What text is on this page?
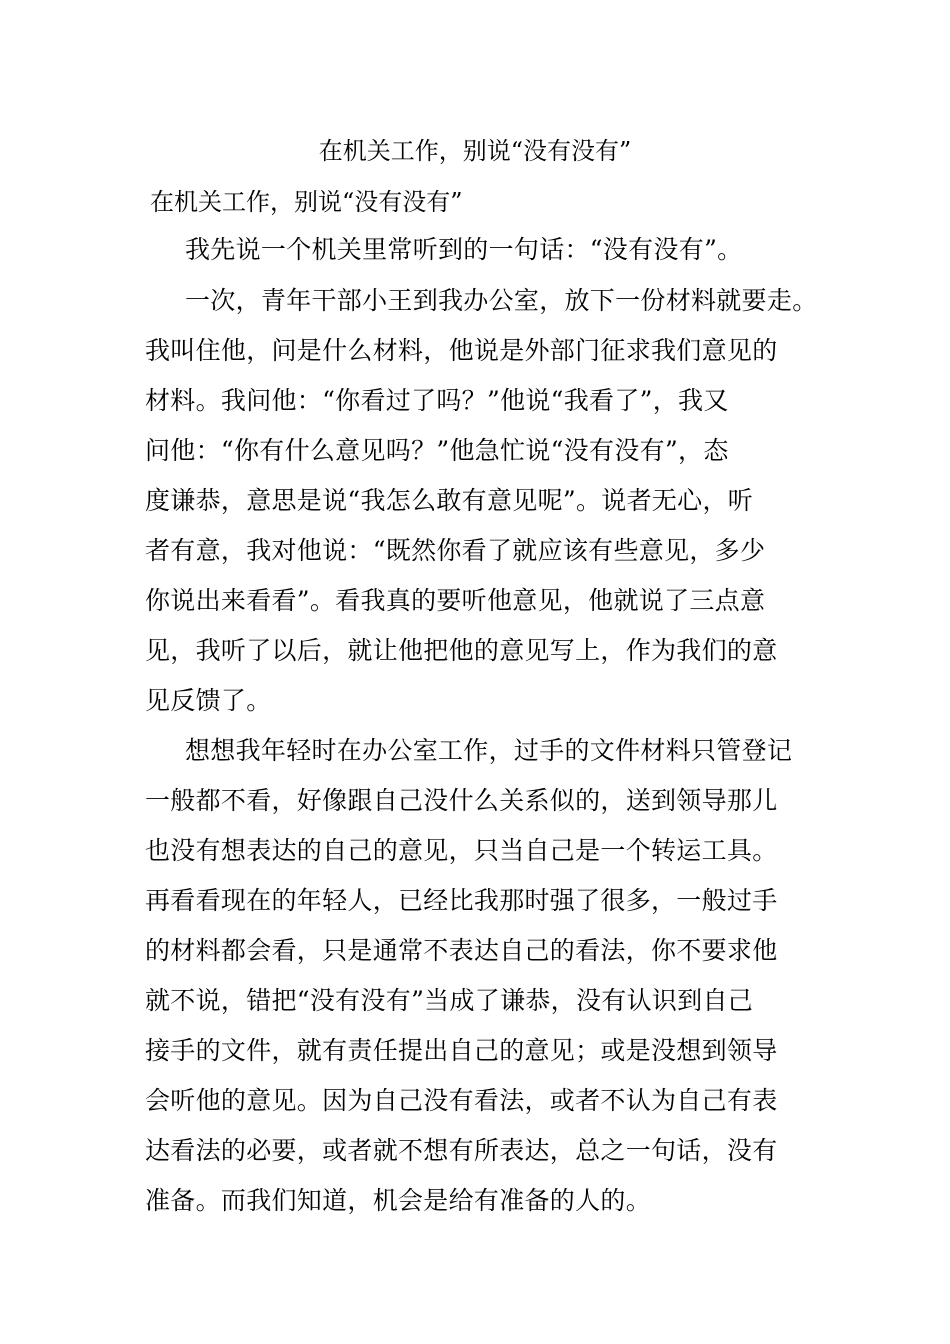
在机关工作，别说“没有没有”
在机关工作，别说“没有没有”
我先说一个机关里常听到的一句话：“没有没有”。
一次，青年干部小王到我办公室，放下一份材料就要走。
我叫住他，问是什么材料，他说是外部门征求我们意见的
材料。我问他：“你看过了吗？”他说“我看了”，我又
问他：“你有什么意见吗？”他急忙说“没有没有”，态
度谦恭，意思是说“我怎么敢有意见呢”。说者无心，听
者有意，我对他说：“既然你看了就应该有些意见，多少
你说出来看看”。看我真的要听他意见，他就说了三点意
见，我听了以后，就让他把他的意见写上，作为我们的意
见反馈了。
想想我年轻时在办公室工作，过手的文件材料只管登记
一般都不看，好像跟自己没什么关系似的，送到领导那儿
也没有想表达的自己的意见，只当自己是一个转运工具。
再看看现在的年轻人，已经比我那时强了很多，一般过手
的材料都会看，只是通常不表达自己的看法，你不要求他
就不说，错把“没有没有”当成了谦恭，没有认识到自己
接手的文件，就有责任提出自己的意见；或是没想到领导
会听他的意见。因为自己没有看法，或者不认为自己有表
达看法的必要，或者就不想有所表达，总之一句话，没有
准备。而我们知道，机会是给有准备的人的。
